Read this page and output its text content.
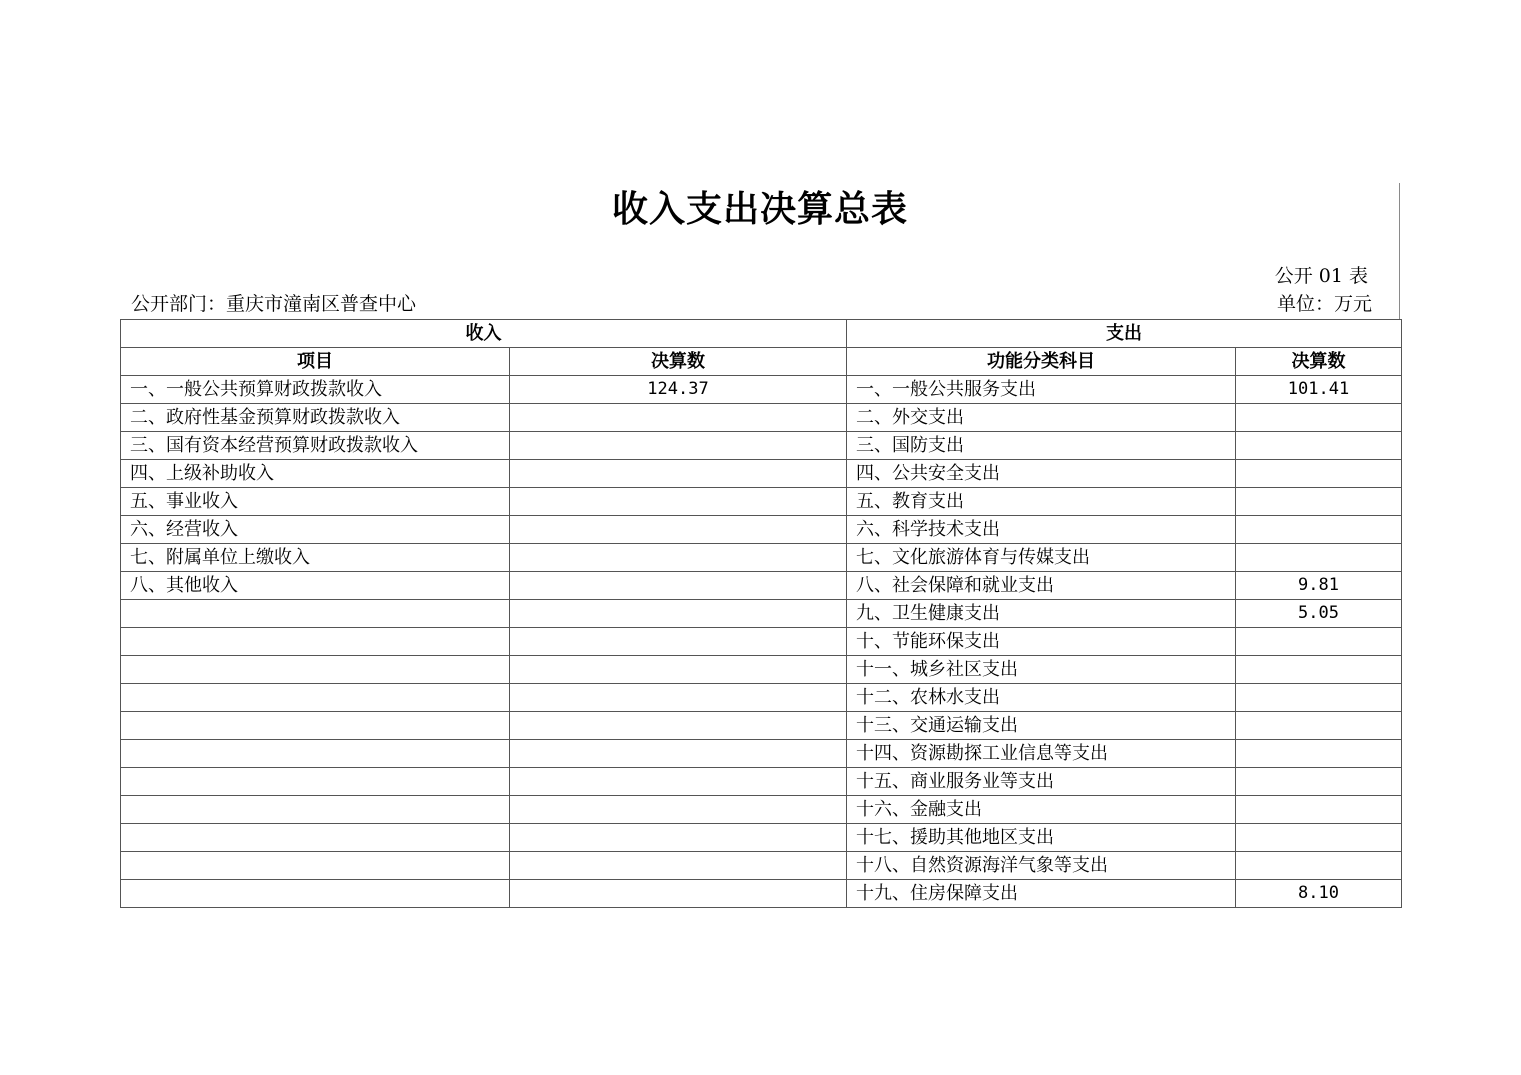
收入支出决算总表
公开 01 表
公开部门：重庆市潼南区普查中心	单位：万元
收入		支出	
项目	决算数	功能分类科目	决算数
一、一般公共预算财政拨款收入	124.37	一、一般公共服务支出	101.41
二、政府性基金预算财政拨款收入		二、外交支出	
三、国有资本经营预算财政拨款收入		三、国防支出	
四、上级补助收入		四、公共安全支出	
五、事业收入		五、教育支出	
六、经营收入		六、科学技术支出	
七、附属单位上缴收入		七、文化旅游体育与传媒支出	
八、其他收入		八、社会保障和就业支出	9.81
		九、卫生健康支出	5.05
		十、节能环保支出	
		十一、城乡社区支出	
		十二、农林水支出	
		十三、交通运输支出	
		十四、资源勘探工业信息等支出	
		十五、商业服务业等支出	
		十六、金融支出	
		十七、援助其他地区支出	
		十八、自然资源海洋气象等支出	
		十九、住房保障支出	8.10
